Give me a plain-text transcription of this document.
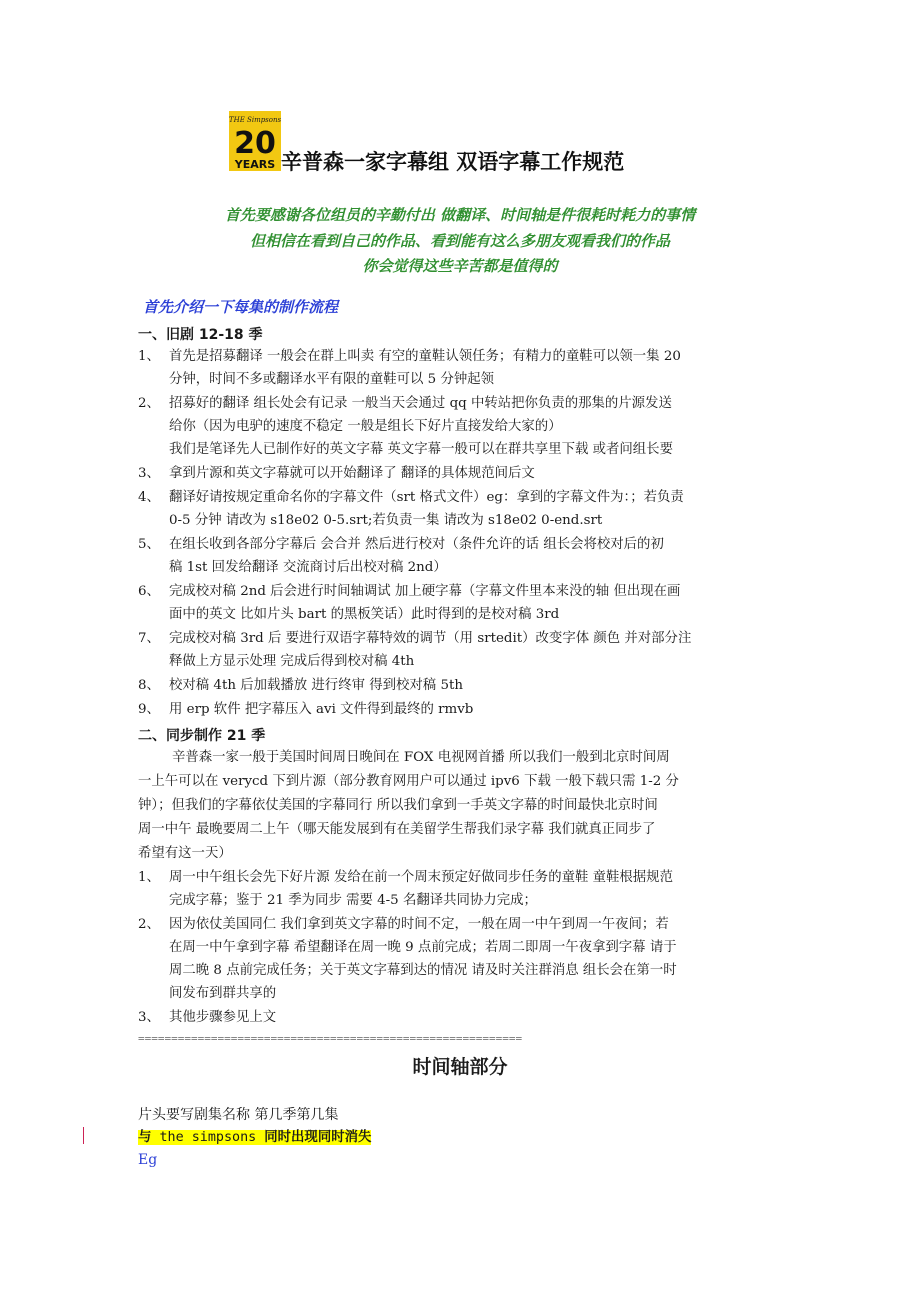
THE Simpsons
20
YEARS 辛普森一家字幕组 双语字幕工作规范
首先要感谢各位组员的辛勤付出 做翻译、时间轴是件很耗时耗力的事情
但相信在看到自己的作品、看到能有这么多朋友观看我们的作品
你会觉得这些辛苦都是值得的
首先介绍一下每集的制作流程
一、旧剧 12-18 季
1、 首先是招募翻译 一般会在群上叫卖 有空的童鞋认领任务；有精力的童鞋可以领一集 20
分钟，时间不多或翻译水平有限的童鞋可以 5 分钟起领
2、 招募好的翻译 组长处会有记录 一般当天会通过 qq 中转站把你负责的那集的片源发送
给你（因为电驴的速度不稳定 一般是组长下好片直接发给大家的）
我们是笔译先人已制作好的英文字幕 英文字幕一般可以在群共享里下载 或者问组长要
3、 拿到片源和英文字幕就可以开始翻译了 翻译的具体规范间后文
4、 翻译好请按规定重命名你的字幕文件（srt 格式文件）eg：拿到的字幕文件为：；若负责
0-5 分钟 请改为 s18e02 0-5.srt;若负责一集 请改为 s18e02 0-end.srt
5、 在组长收到各部分字幕后 会合并 然后进行校对（条件允许的话 组长会将校对后的初
稿 1st 回发给翻译 交流商讨后出校对稿 2nd）
6、 完成校对稿 2nd 后会进行时间轴调试 加上硬字幕（字幕文件里本来没的轴 但出现在画
面中的英文 比如片头 bart 的黑板笑话）此时得到的是校对稿 3rd
7、 完成校对稿 3rd 后 要进行双语字幕特效的调节（用 srtedit）改变字体 颜色 并对部分注
释做上方显示处理 完成后得到校对稿 4th
8、 校对稿 4th 后加载播放 进行终审 得到校对稿 5th
9、 用 erp 软件 把字幕压入 avi 文件得到最终的 rmvb
二、同步制作 21 季
辛普森一家一般于美国时间周日晚间在 FOX 电视网首播 所以我们一般到北京时间周
一上午可以在 verycd 下到片源（部分教育网用户可以通过 ipv6 下载 一般下载只需 1-2 分
钟）；但我们的字幕依仗美国的字幕同行 所以我们拿到一手英文字幕的时间最快北京时间
周一中午 最晚要周二上午（哪天能发展到有在美留学生帮我们录字幕 我们就真正同步了
希望有这一天）
1、 周一中午组长会先下好片源 发给在前一个周末预定好做同步任务的童鞋 童鞋根据规范
完成字幕；鉴于 21 季为同步 需要 4-5 名翻译共同协力完成；
2、 因为依仗美国同仁 我们拿到英文字幕的时间不定，一般在周一中午到周一午夜间；若
在周一中午拿到字幕 希望翻译在周一晚 9 点前完成；若周二即周一午夜拿到字幕 请于
周二晚 8 点前完成任务；关于英文字幕到达的情况 请及时关注群消息 组长会在第一时
间发布到群共享的
3、 其他步骤参见上文
==========================================================
时间轴部分
片头要写剧集名称 第几季第几集
与 the simpsons 同时出现同时消失
Eg
